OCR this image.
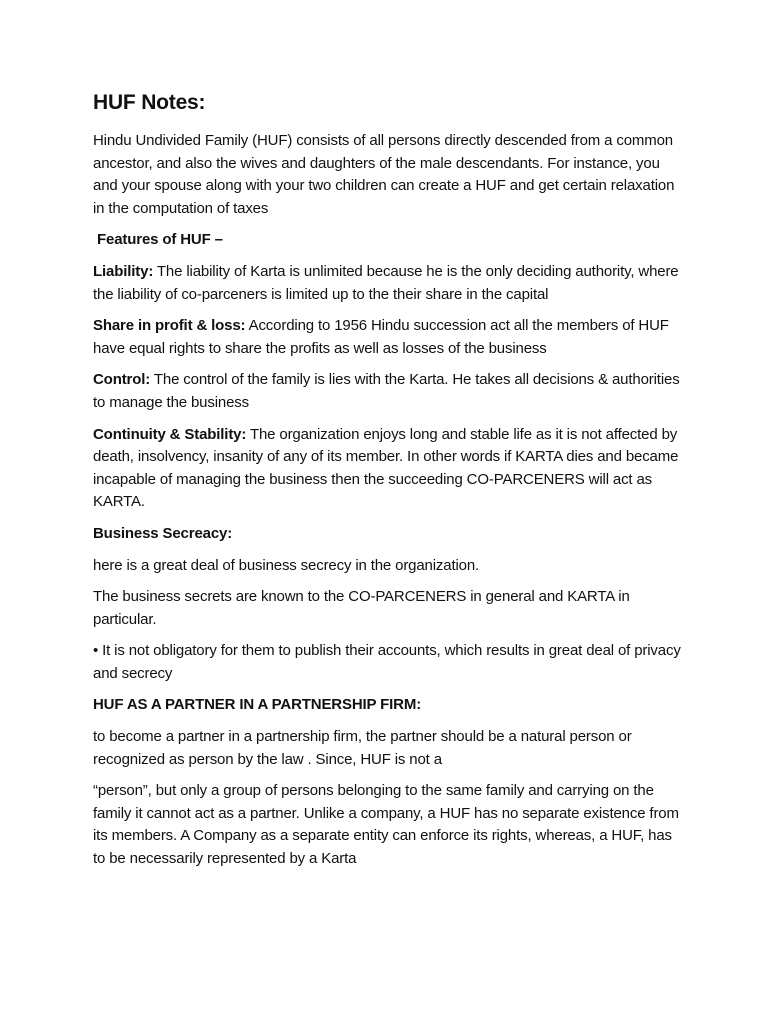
HUF Notes:

Hindu Undivided Family (HUF) consists of all persons directly descended from a common ancestor, and also the wives and daughters of the male descendants. For instance, you and your spouse along with your two children can create a HUF and get certain relaxation in the computation of taxes

Features of HUF –

Liability: The liability of Karta is unlimited because he is the only deciding authority, where the liability of co-parceners is limited up to the their share in the capital

Share in profit & loss: According to 1956 Hindu succession act all the members of HUF have equal rights to share the profits as well as losses of the business

Control: The control of the family is lies with the Karta. He takes all decisions & authorities to manage the business

Continuity & Stability: The organization enjoys long and stable life as it is not affected by death, insolvency, insanity of any of its member. In other words if KARTA dies and became incapable of managing the business then the succeeding CO-PARCENERS will act as KARTA.

Business Secreacy:

here is a great deal of business secrecy in the organization.

The business secrets are known to the CO-PARCENERS in general and KARTA in particular.

• It is not obligatory for them to publish their accounts, which results in great deal of privacy and secrecy

HUF AS A PARTNER IN A PARTNERSHIP FIRM:

to become a partner in a partnership firm, the partner should be a natural person or recognized as person by the law . Since, HUF is not a

“person”, but only a group of persons belonging to the same family and carrying on the family it cannot act as a partner. Unlike a company, a HUF has no separate existence from its members. A Company as a separate entity can enforce its rights, whereas, a HUF, has to be necessarily represented by a Karta
